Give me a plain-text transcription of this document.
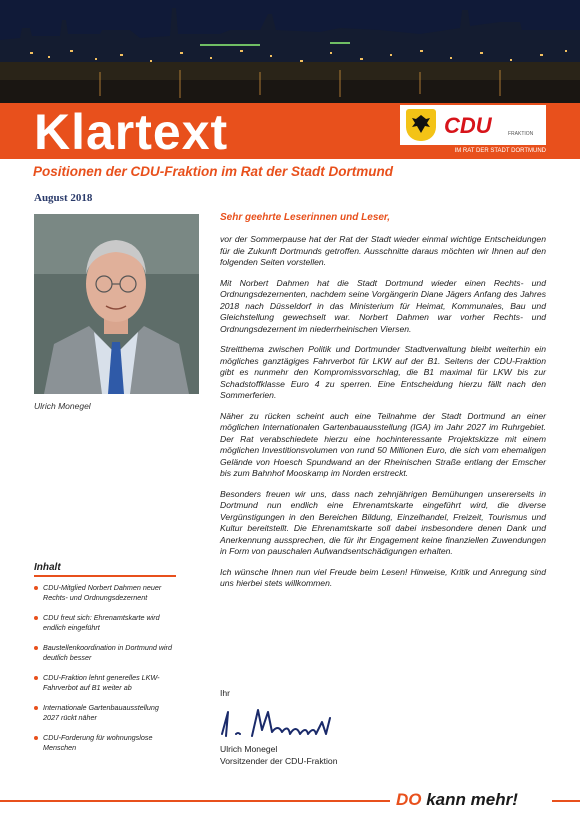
Klartext	CDU	FRAKTION
IM RAT DER STADT DORTMUND
Positionen der CDU-Fraktion im Rat der Stadt Dortmund
August 2018
Ulrich Monegel
Sehr geehrte Leserinnen und Leser,

vor der Sommerpause hat der Rat der Stadt wieder einmal wichtige Entscheidungen für die Zukunft Dortmunds getroffen. Ausschnitte daraus möchten wir Ihnen auf den folgenden Seiten vorstellen.

Mit Norbert Dahmen hat die Stadt Dortmund wieder einen Rechts- und Ordnungsdezernenten, nachdem seine Vorgängerin Diane Jägers Anfang des Jahres 2018 nach Düsseldorf in das Ministerium für Heimat, Kommunales, Bau und Gleichstellung gewechselt war. Norbert Dahmen war vorher Rechts- und Ordnungsdezernent im niederrheinischen Viersen.

Streitthema zwischen Politik und Dortmunder Stadtverwaltung bleibt weiterhin ein mögliches ganztägiges Fahrverbot für LKW auf der B1. Seitens der CDU-Fraktion gibt es nunmehr den Kompromissvorschlag, die B1 maximal für LKW bis zur Schadstoffklasse Euro 4 zu sperren. Eine Entscheidung hierzu fällt nach den Sommerferien.

Näher zu rücken scheint auch eine Teilnahme der Stadt Dortmund an einer möglichen Internationalen Gartenbauausstellung (IGA) im Jahr 2027 im Ruhrgebiet. Der Rat verabschiedete hierzu eine hochinteressante Projektskizze mit einem möglichen Investitionsvolumen von rund 50 Millionen Euro, die sich vom ehemaligen Gelände von Hoesch Spundwand an der Rheinischen Straße entlang der Emscher bis zum Bahnhof Mooskamp im Norden erstreckt.

Besonders freuen wir uns, dass nach zehnjährigen Bemühungen unsererseits in Dortmund nun endlich eine Ehrenamtskarte eingeführt wird, die diverse Vergünstigungen in den Bereichen Bildung, Einzelhandel, Freizeit, Tourismus und Kultur bereitstellt. Die Ehrenamtskarte soll dabei insbesondere denen Dank und Anerkennung aussprechen, die für ihr Engagement keine finanziellen Zuwendungen in Form von pauschalen Aufwandsentschädigungen erhalten.

Ich wünsche Ihnen nun viel Freude beim Lesen! Hinweise, Kritik und Anregung sind uns hierbei stets willkommen.

Ihr
Ulrich Monegel
Vorsitzender der CDU-Fraktion
Inhalt
CDU-Mitglied Norbert Dahmen neuer Rechts- und Ordnungsdezernent
CDU freut sich: Ehrenamtskarte wird endlich eingeführt
Baustellenkoordination in Dortmund wird deutlich besser
CDU-Fraktion lehnt generelles LKW-Fahrverbot auf B1 weiter ab
Internationale Gartenbauausstellung 2027 rückt näher
CDU-Forderung für wohnungslose Menschen
DO kann mehr!
